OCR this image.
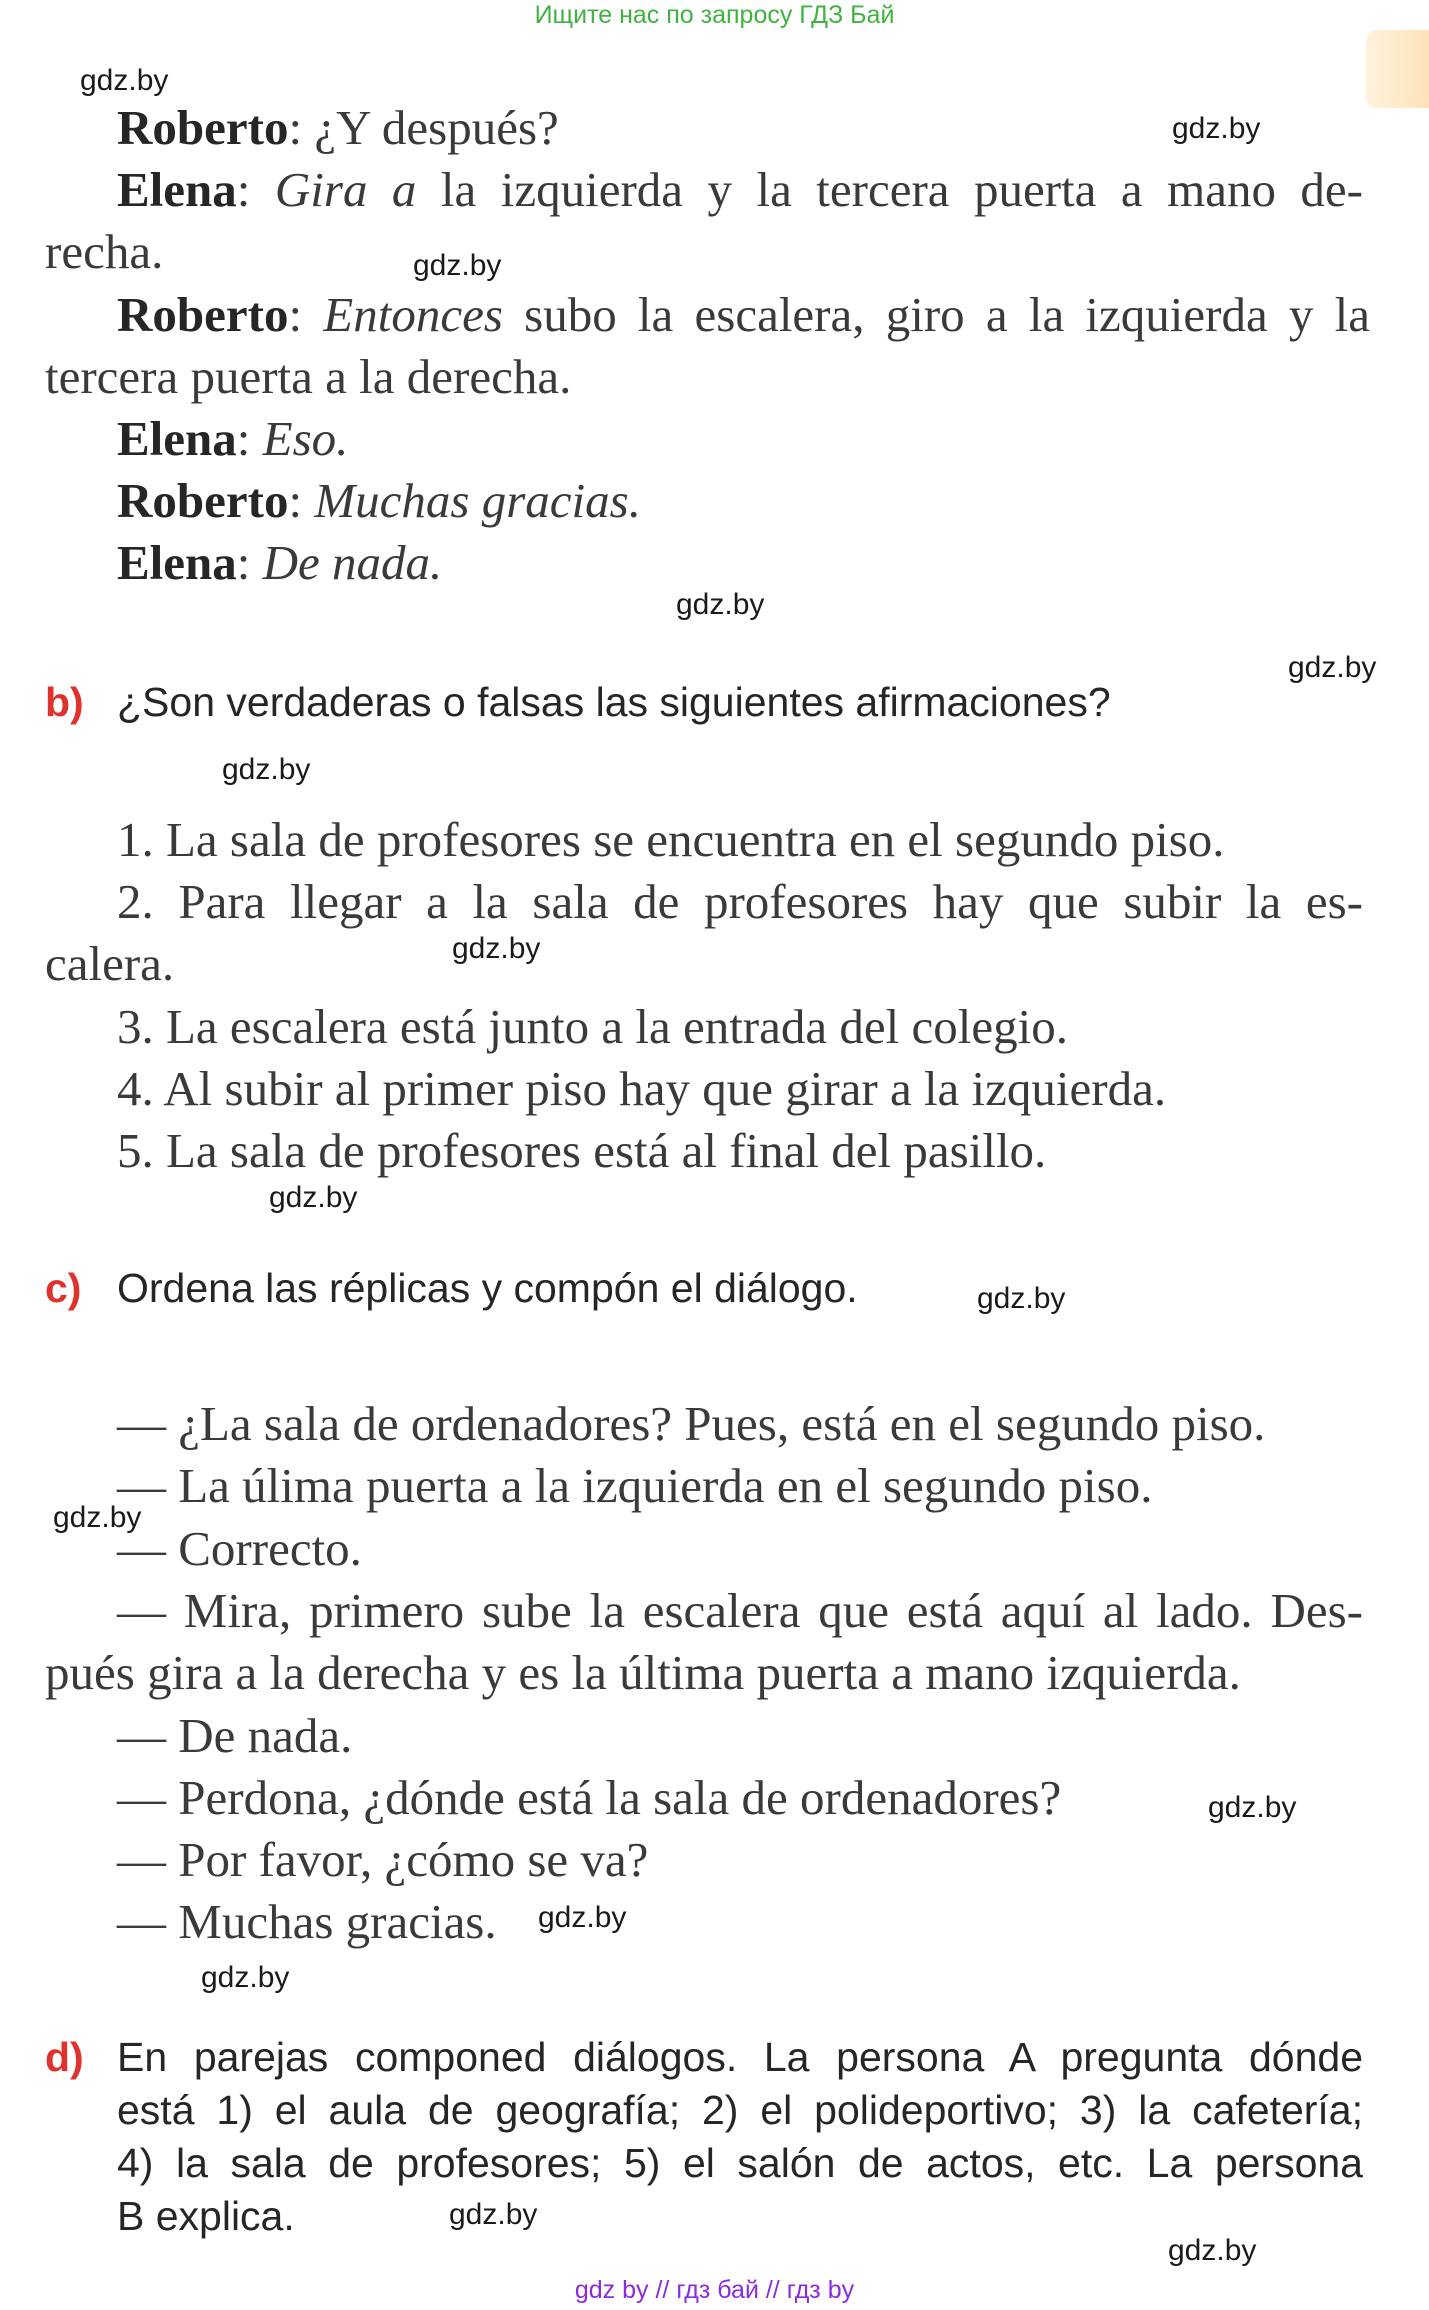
Ищите нас по запросу ГДЗ Бай
gdz.by
gdz.by
gdz.by
gdz.by
gdz.by
gdz.by
gdz.by
gdz.by
gdz.by
gdz.by
gdz.by
gdz.by
gdz.by
gdz.by
gdz.by
Roberto: ¿Y después?
Elena: Gira a la izquierda y la tercera puerta a mano de-
recha.
Roberto: Entonces subo la escalera, giro a la izquierda y la
tercera puerta a la derecha.
Elena: Eso.
Roberto: Muchas gracias.
Elena: De nada.
b) ¿Son verdaderas o falsas las siguientes afirmaciones?
1. La sala de profesores se encuentra en el segundo piso.
2. Para llegar a la sala de profesores hay que subir la es-
calera.
3. La escalera está junto a la entrada del colegio.
4. Al subir al primer piso hay que girar a la izquierda.
5. La sala de profesores está al final del pasillo.
c) Ordena las réplicas y compón el diálogo.
— ¿La sala de ordenadores? Pues, está en el segundo piso.
— La úlima puerta a la izquierda en el segundo piso.
— Correcto.
— Mira, primero sube la escalera que está aquí al lado. Des-
pués gira a la derecha y es la última puerta a mano izquierda.
— De nada.
— Perdona, ¿dónde está la sala de ordenadores?
— Por favor, ¿cómo se va?
— Muchas gracias.
d) En parejas componed diálogos. La persona A pregunta dónde
está 1) el aula de geografía; 2) el polideportivo; 3) la cafetería;
4) la sala de profesores; 5) el salón de actos, etc. La persona
B explica.
gdz by // гдз бай // гдз by
